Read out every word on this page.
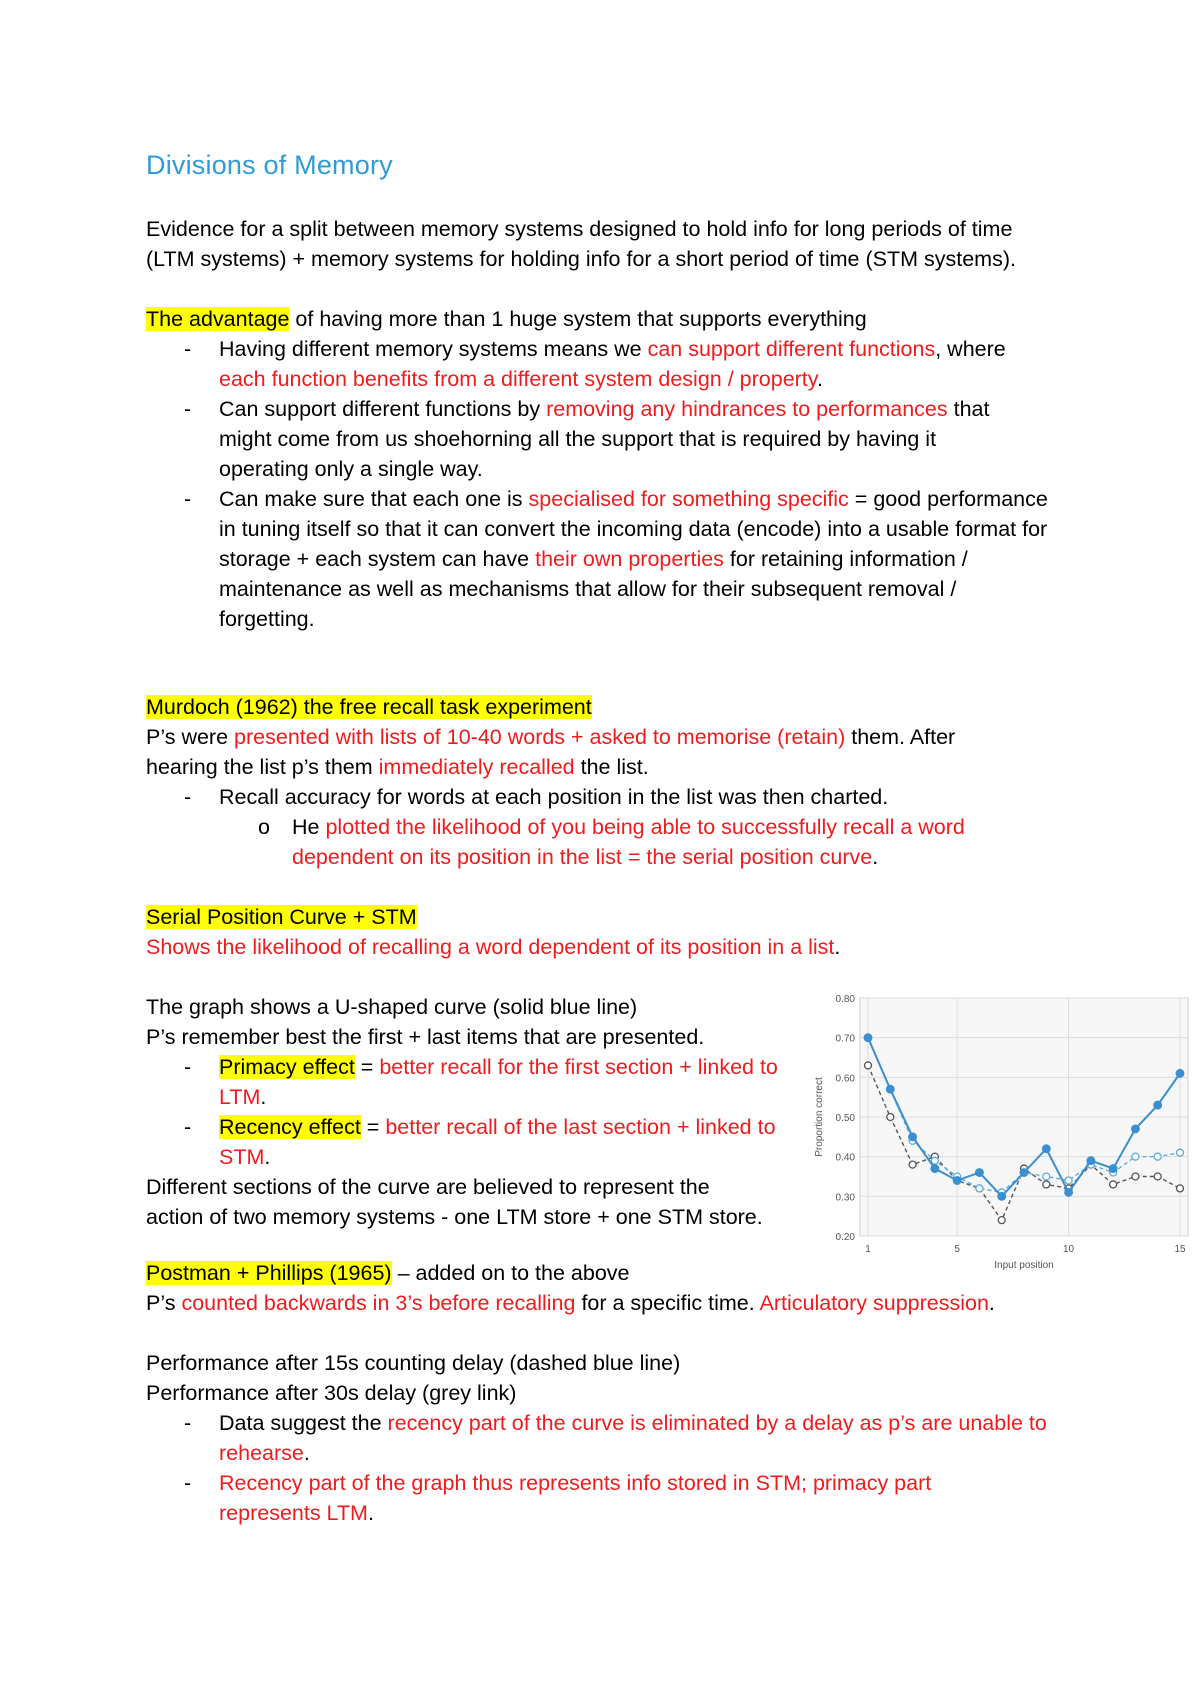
Divisions of Memory

Evidence for a split between memory systems designed to hold info for long periods of time

(LTM systems) + memory systems for holding info for a short period of time (STM systems).

The advantage of having more than 1 huge system that supports everything

- Having different memory systems means we can support different functions, where each function benefits from a different system design / property.
- Can support different functions by removing any hindrances to performances that might come from us shoehorning all the support that is required by having it operating only a single way.
- Can make sure that each one is specialised for something specific = good performance in tuning itself so that it can convert the incoming data (encode) into a usable format for storage + each system can have their own properties for retaining information / maintenance as well as mechanisms that allow for their subsequent removal / forgetting.

Murdoch (1962) the free recall task experiment

P’s were presented with lists of 10-40 words + asked to memorise (retain) them. After hearing the list p’s them immediately recalled the list.

- Recall accuracy for words at each position in the list was then charted.
o He plotted the likelihood of you being able to successfully recall a word dependent on its position in the list = the serial position curve.

Serial Position Curve + STM

Shows the likelihood of recalling a word dependent of its position in a list.

The graph shows a U-shaped curve (solid blue line)

P’s remember best the first + last items that are presented.

- Primacy effect = better recall for the first section + linked to LTM.
- Recency effect = better recall of the last section + linked to STM.

Different sections of the curve are believed to represent the

action of two memory systems - one LTM store + one STM store.

0.20
0.30
0.40
0.50
0.60
0.70
0.80
1	5	10	15
Input position
Proportion correct

Postman + Phillips (1965) – added on to the above

P’s counted backwards in 3’s before recalling for a specific time. Articulatory suppression.

Performance after 15s counting delay (dashed blue line)

Performance after 30s delay (grey link)

- Data suggest the recency part of the curve is eliminated by a delay as p’s are unable to rehearse.
- Recency part of the graph thus represents info stored in STM; primacy part represents LTM.
